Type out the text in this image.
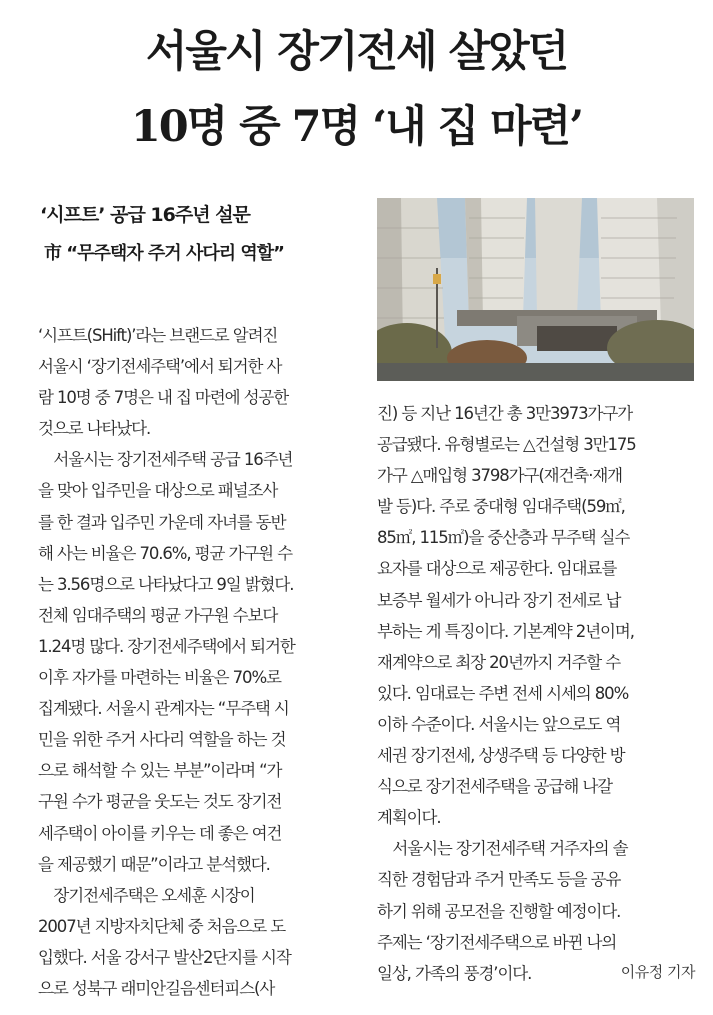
서울시 장기전세 살았던
10명 중 7명 ‘내 집 마련’
‘시프트’ 공급 16주년 설문
市 “무주택자 주거 사다리 역할”
‘시프트(SHift)’라는 브랜드로 알려진
서울시 ‘장기전세주택’에서 퇴거한 사
람 10명 중 7명은 내 집 마련에 성공한
것으로 나타났다.
　서울시는 장기전세주택 공급 16주년
을 맞아 입주민을 대상으로 패널조사
를 한 결과 입주민 가운데 자녀를 동반
해 사는 비율은 70.6%, 평균 가구원 수
는 3.56명으로 나타났다고 9일 밝혔다.
전체 임대주택의 평균 가구원 수보다
1.24명 많다. 장기전세주택에서 퇴거한
이후 자가를 마련하는 비율은 70%로
집계됐다. 서울시 관계자는 “무주택 시
민을 위한 주거 사다리 역할을 하는 것
으로 해석할 수 있는 부분”이라며 “가
구원 수가 평균을 웃도는 것도 장기전
세주택이 아이를 키우는 데 좋은 여건
을 제공했기 때문”이라고 분석했다.
　장기전세주택은 오세훈 시장이
2007년 지방자치단체 중 처음으로 도
입했다. 서울 강서구 발산2단지를 시작
으로 성북구 래미안길음센터피스(사
진) 등 지난 16년간 총 3만3973가구가
공급됐다. 유형별로는 △건설형 3만175
가구 △매입형 3798가구(재건축·재개
발 등)다. 주로 중대형 임대주택(59㎡,
85㎡, 115㎡)을 중산층과 무주택 실수
요자를 대상으로 제공한다. 임대료를
보증부 월세가 아니라 장기 전세로 납
부하는 게 특징이다. 기본계약 2년이며,
재계약으로 최장 20년까지 거주할 수
있다. 임대료는 주변 전세 시세의 80%
이하 수준이다. 서울시는 앞으로도 역
세권 장기전세, 상생주택 등 다양한 방
식으로 장기전세주택을 공급해 나갈
계획이다.
　서울시는 장기전세주택 거주자의 솔
직한 경험담과 주거 만족도 등을 공유
하기 위해 공모전을 진행할 예정이다.
주제는 ‘장기전세주택으로 바뀐 나의
일상, 가족의 풍경’이다.	이유정 기자
